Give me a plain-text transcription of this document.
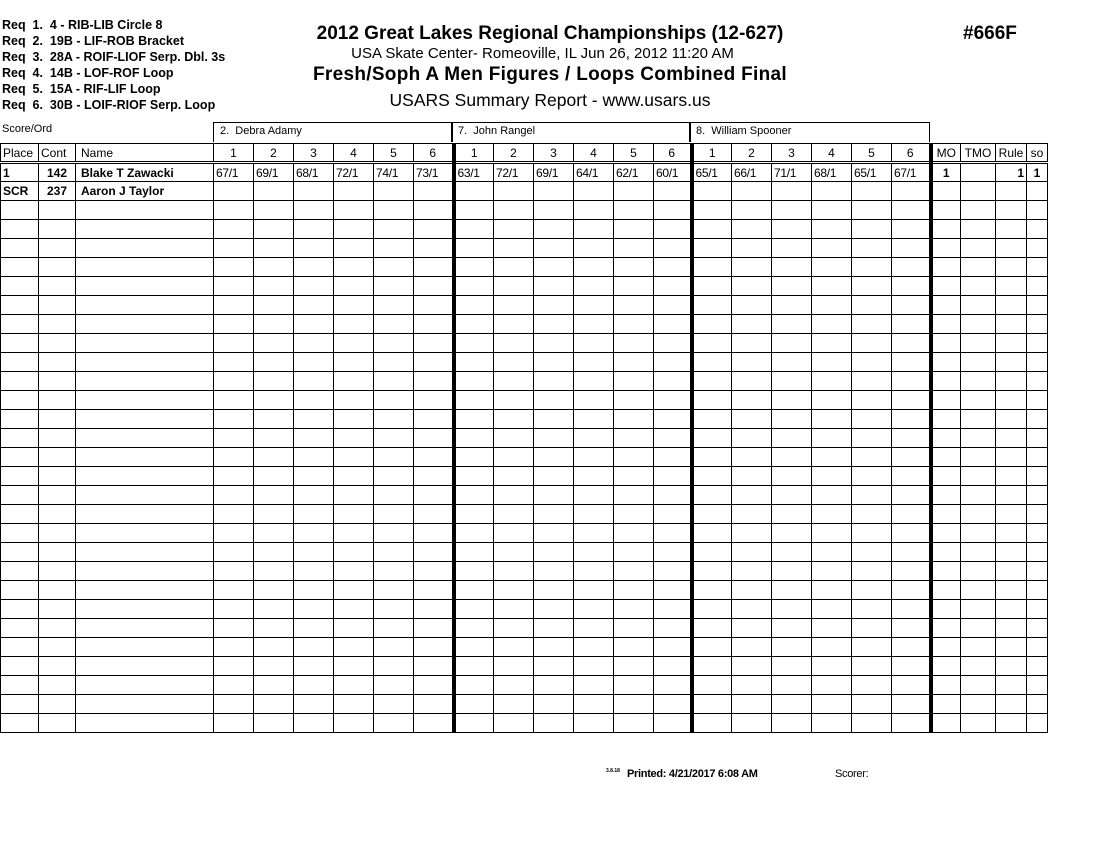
Req  1.  4 - RIB-LIB Circle 8
Req  2.  19B - LIF-ROB Bracket
Req  3.  28A - ROIF-LIOF Serp. Dbl. 3s
Req  4.  14B - LOF-ROF Loop
Req  5.  15A - RIF-LIF Loop
Req  6.  30B - LOIF-RIOF Serp. Loop
2012 Great Lakes Regional Championships (12-627)
USA Skate Center- Romeoville, IL Jun 26, 2012 11:20 AM
Fresh/Soph A Men Figures / Loops Combined Final
USARS Summary Report - www.usars.us
#666F
Score/Ord	2.  Debra Adamy	7.  John Rangel	8.  William Spooner
Place	Cont	Name	1	2	3	4	5	6	1	2	3	4	5	6	1	2	3	4	5	6	MO	TMO	Rule	so
1	142	Blake T Zawacki	67/1	69/1	68/1	72/1	74/1	73/1	63/1	72/1	69/1	64/1	62/1	60/1	65/1	66/1	71/1	68/1	65/1	67/1	1		1	1
SCR	237	Aaron J Taylor																						

3.8.18 Printed: 4/21/2017 6:08 AM	Scorer:
